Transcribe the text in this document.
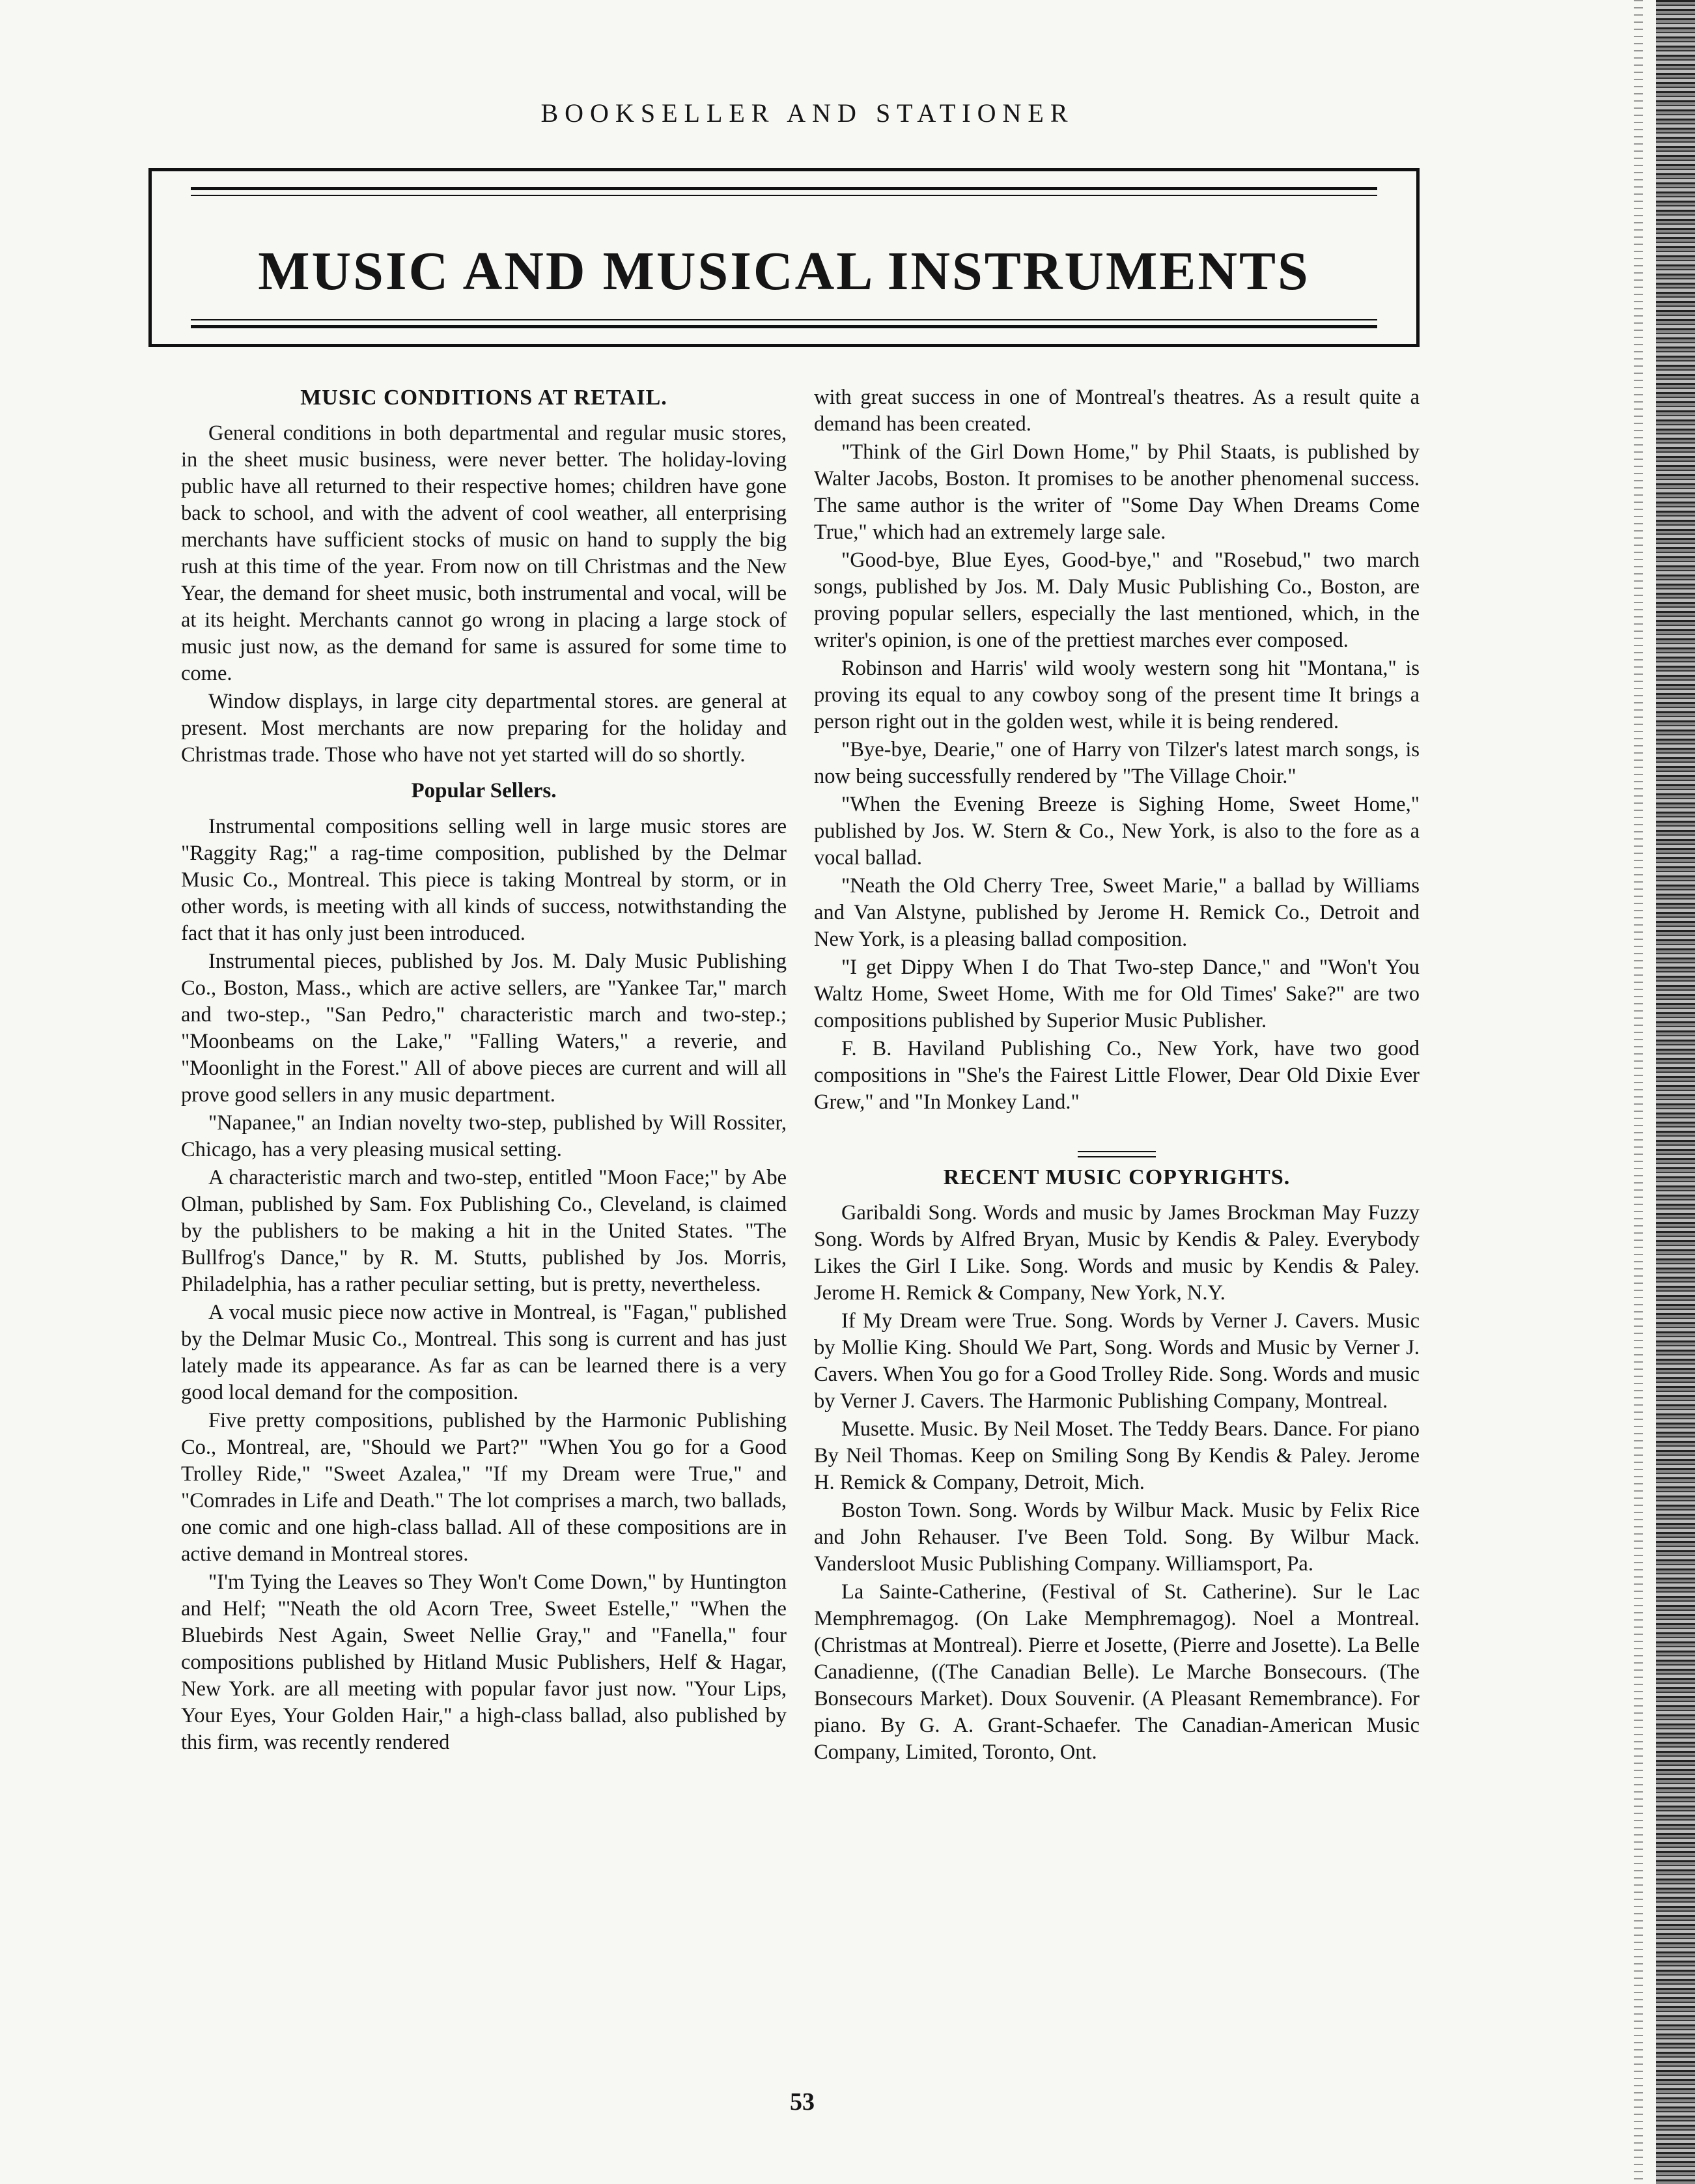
BOOKSELLER AND STATIONER
MUSIC AND MUSICAL INSTRUMENTS
MUSIC CONDITIONS AT RETAIL.

General conditions in both departmental and regular music stores, in the sheet music business, were never better. The holiday-loving public have all returned to their respective homes; children have gone back to school, and with the advent of cool weather, all enterprising merchants have sufficient stocks of music on hand to supply the big rush at this time of the year. From now on till Christmas and the New Year, the demand for sheet music, both instrumental and vocal, will be at its height. Merchants cannot go wrong in placing a large stock of music just now, as the demand for same is assured for some time to come.

Window displays, in large city departmental stores. are general at present. Most merchants are now preparing for the holiday and Christmas trade. Those who have not yet started will do so shortly.

Popular Sellers.

Instrumental compositions selling well in large music stores are "Raggity Rag;" a rag-time composition, published by the Delmar Music Co., Montreal. This piece is taking Montreal by storm, or in other words, is meeting with all kinds of success, notwithstanding the fact that it has only just been introduced.

Instrumental pieces, published by Jos. M. Daly Music Publishing Co., Boston, Mass., which are active sellers, are "Yankee Tar," march and two-step., "San Pedro," characteristic march and two-step.; "Moonbeams on the Lake," "Falling Waters," a reverie, and "Moonlight in the Forest." All of above pieces are current and will all prove good sellers in any music department.

"Napanee," an Indian novelty two-step, published by Will Rossiter, Chicago, has a very pleasing musical setting.

A characteristic march and two-step, entitled "Moon Face;" by Abe Olman, published by Sam. Fox Publishing Co., Cleveland, is claimed by the publishers to be making a hit in the United States. "The Bullfrog's Dance," by R. M. Stutts, published by Jos. Morris, Philadelphia, has a rather peculiar setting, but is pretty, nevertheless.

A vocal music piece now active in Montreal, is "Fagan," published by the Delmar Music Co., Montreal. This song is current and has just lately made its appearance. As far as can be learned there is a very good local demand for the composition.

Five pretty compositions, published by the Harmonic Publishing Co., Montreal, are, "Should we Part?" "When You go for a Good Trolley Ride," "Sweet Azalea," "If my Dream were True," and "Comrades in Life and Death." The lot comprises a march, two ballads, one comic and one high-class ballad. All of these compositions are in active demand in Montreal stores.

"I'm Tying the Leaves so They Won't Come Down," by Huntington and Helf; "'Neath the old Acorn Tree, Sweet Estelle," "When the Bluebirds Nest Again, Sweet Nellie Gray," and "Fanella," four compositions published by Hitland Music Publishers, Helf & Hagar, New York. are all meeting with popular favor just now. "Your Lips, Your Eyes, Your Golden Hair," a high-class ballad, also published by this firm, was recently rendered

with great success in one of Montreal's theatres. As a result quite a demand has been created.

"Think of the Girl Down Home," by Phil Staats, is published by Walter Jacobs, Boston. It promises to be another phenomenal success. The same author is the writer of "Some Day When Dreams Come True," which had an extremely large sale.

"Good-bye, Blue Eyes, Good-bye," and "Rosebud," two march songs, published by Jos. M. Daly Music Publishing Co., Boston, are proving popular sellers, especially the last mentioned, which, in the writer's opinion, is one of the prettiest marches ever composed.

Robinson and Harris' wild wooly western song hit "Montana," is proving its equal to any cowboy song of the present time It brings a person right out in the golden west, while it is being rendered.

"Bye-bye, Dearie," one of Harry von Tilzer's latest march songs, is now being successfully rendered by "The Village Choir."

"When the Evening Breeze is Sighing Home, Sweet Home," published by Jos. W. Stern & Co., New York, is also to the fore as a vocal ballad.

"Neath the Old Cherry Tree, Sweet Marie," a ballad by Williams and Van Alstyne, published by Jerome H. Remick Co., Detroit and New York, is a pleasing ballad composition.

"I get Dippy When I do That Two-step Dance," and "Won't You Waltz Home, Sweet Home, With me for Old Times' Sake?" are two compositions published by Superior Music Publisher.

F. B. Haviland Publishing Co., New York, have two good compositions in "She's the Fairest Little Flower, Dear Old Dixie Ever Grew," and "In Monkey Land."

RECENT MUSIC COPYRIGHTS.

Garibaldi Song. Words and music by James Brockman May Fuzzy Song. Words by Alfred Bryan, Music by Kendis & Paley. Everybody Likes the Girl I Like. Song. Words and music by Kendis & Paley. Jerome H. Remick & Company, New York, N.Y.

If My Dream were True. Song. Words by Verner J. Cavers. Music by Mollie King. Should We Part, Song. Words and Music by Verner J. Cavers. When You go for a Good Trolley Ride. Song. Words and music by Verner J. Cavers. The Harmonic Publishing Company, Montreal.

Musette. Music. By Neil Moset. The Teddy Bears. Dance. For piano By Neil Thomas. Keep on Smiling Song By Kendis & Paley. Jerome H. Remick & Company, Detroit, Mich.

Boston Town. Song. Words by Wilbur Mack. Music by Felix Rice and John Rehauser. I've Been Told. Song. By Wilbur Mack. Vandersloot Music Publishing Company. Williamsport, Pa.

La Sainte-Catherine, (Festival of St. Catherine). Sur le Lac Memphremagog. (On Lake Memphremagog). Noel a Montreal. (Christmas at Montreal). Pierre et Josette, (Pierre and Josette). La Belle Canadienne, ((The Canadian Belle). Le Marche Bonsecours. (The Bonsecours Market). Doux Souvenir. (A Pleasant Remembrance). For piano. By G. A. Grant-Schaefer. The Canadian-American Music Company, Limited, Toronto, Ont.

53
